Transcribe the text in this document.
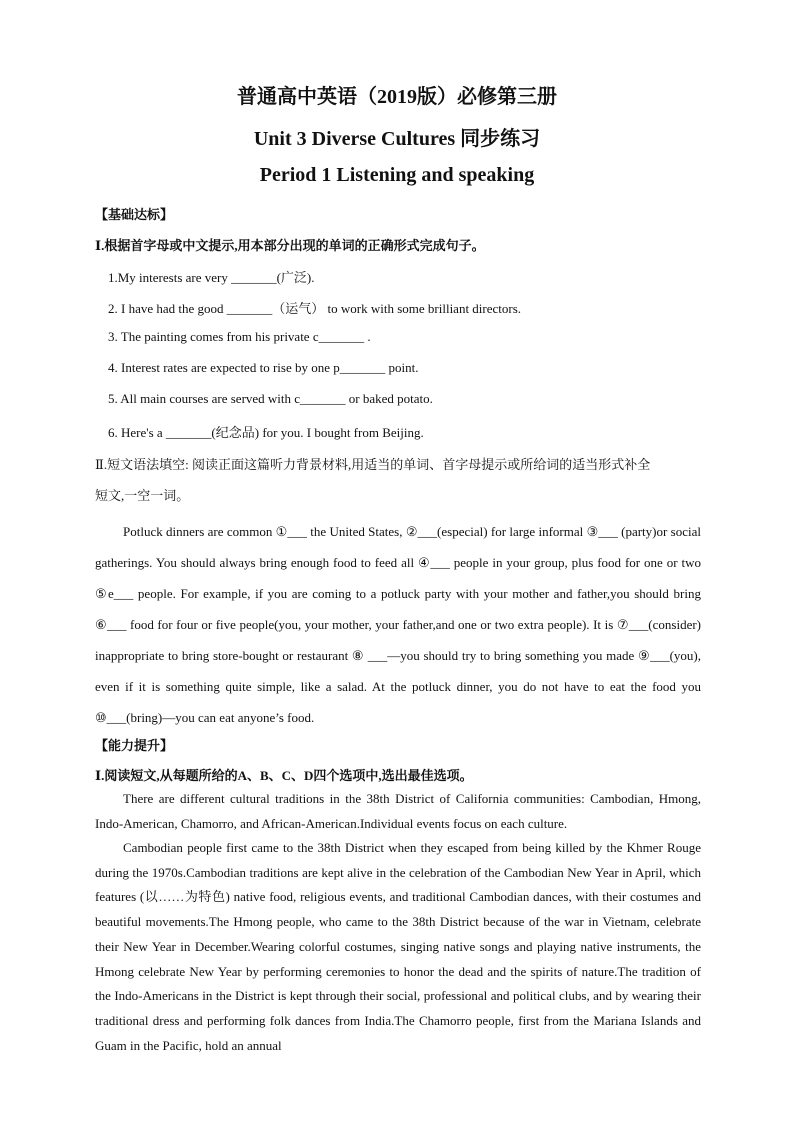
普通高中英语（2019版）必修第三册
Unit 3 Diverse Cultures 同步练习
Period 1 Listening and speaking
【基础达标】
Ⅰ.根据首字母或中文提示,用本部分出现的单词的正确形式完成句子。
1.My interests are very _______(广泛).
2. I have had the good _______（运气） to work with some brilliant directors.
3. The painting comes from his private c_______ .
4. Interest rates are expected to rise by one p_______ point.
5. All main courses are served with c_______ or baked potato.
6. Here's a _______(纪念品) for you. I bought from Beijing.
Ⅱ.短文语法填空: 阅读正面这篇听力背景材料,用适当的单词、首字母提示或所给词的适当形式补全
短文,一空一词。
Potluck dinners are common ①___ the United States, ②___(especial) for large informal ③___ (party)or social gatherings. You should always bring enough food to feed all ④___ people in your group, plus food for one or two ⑤e___ people. For example, if you are coming to a potluck party with your mother and father,you should bring ⑥___ food for four or five people(you, your mother, your father,and one or two extra people). It is ⑦___(consider) inappropriate to bring store-bought or restaurant ⑧ ___—you should try to bring something you made ⑨___(you), even if it is something quite simple, like a salad. At the potluck dinner, you do not have to eat the food you ⑩___(bring)—you can eat anyone’s food.
【能力提升】
Ⅰ.阅读短文,从每题所给的A、B、C、D四个选项中,选出最佳选项。
There are different cultural traditions in the 38th District of California communities: Cambodian, Hmong, Indo-American, Chamorro, and African-American.Individual events focus on each culture.
Cambodian people first came to the 38th District when they escaped from being killed by the Khmer Rouge during the 1970s.Cambodian traditions are kept alive in the celebration of the Cambodian New Year in April, which features (以……为特色) native food, religious events, and traditional Cambodian dances, with their costumes and beautiful movements.The Hmong people, who came to the 38th District because of the war in Vietnam, celebrate their New Year in December.Wearing colorful costumes, singing native songs and playing native instruments, the Hmong celebrate New Year by performing ceremonies to honor the dead and the spirits of nature.The tradition of the Indo-Americans in the District is kept through their social, professional and political clubs, and by wearing their traditional dress and performing folk dances from India.The Chamorro people, first from the Mariana Islands and Guam in the Pacific, hold an annual
